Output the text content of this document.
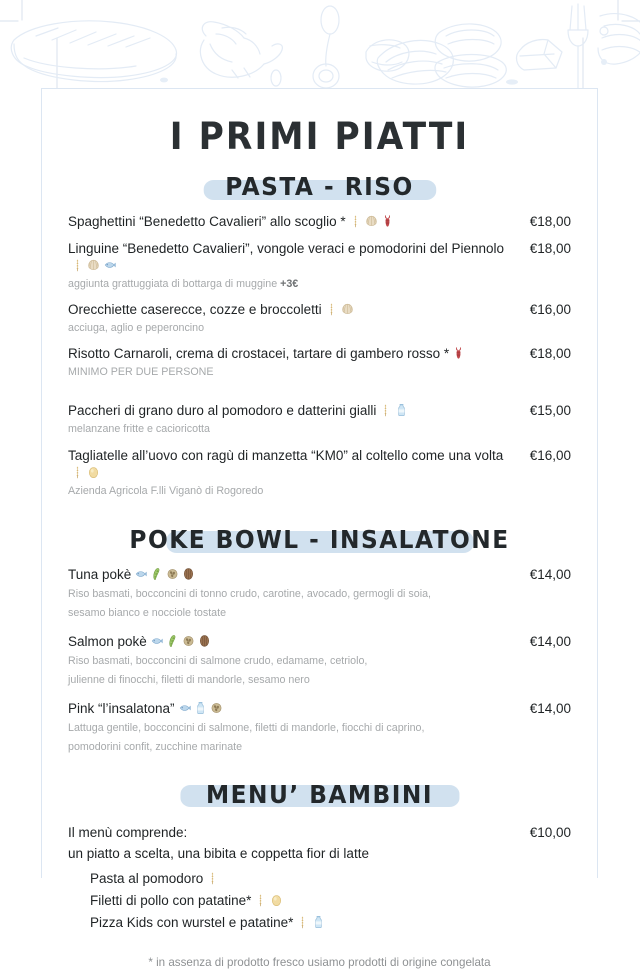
I PRIMI PIATTI
PASTA - RISO
Spaghettini “Benedetto Cavalieri” allo scoglio *	€18,00
Linguine “Benedetto Cavalieri”, vongole veraci e pomodorini del Piennolo	€18,00
aggiunta grattuggiata di bottarga di muggine +3€
Orecchiette caserecce, cozze e broccoletti	€16,00
acciuga, aglio e peperoncino
Risotto Carnaroli, crema di crostacei, tartare di gambero rosso *	€18,00
MINIMO PER DUE PERSONE
Paccheri di grano duro al pomodoro e datterini gialli	€15,00
melanzane fritte e cacioricotta
Tagliatelle all’uovo con ragù di manzetta “KM0” al coltello come una volta	€16,00
Azienda Agricola F.lli Viganò di Rogoredo
POKE BOWL - INSALATONE
Tuna pokè	€14,00
Riso basmati, bocconcini di tonno crudo, carotine, avocado, germogli di soia,
sesamo bianco e nocciole tostate
Salmon pokè	€14,00
Riso basmati, bocconcini di salmone crudo, edamame, cetriolo,
julienne di finocchi, filetti di mandorle, sesamo nero
Pink “l’insalatona”	€14,00
Lattuga gentile, bocconcini di salmone, filetti di mandorle, fiocchi di caprino,
pomodorini confit, zucchine marinate
MENU’ BAMBINI
Il menù comprende:
un piatto a scelta, una bibita e coppetta fior di latte
€10,00
Pasta al pomodoro
Filetti di pollo con patatine*
Pizza Kids con wurstel e patatine*
* in assenza di prodotto fresco usiamo prodotti di origine congelata
